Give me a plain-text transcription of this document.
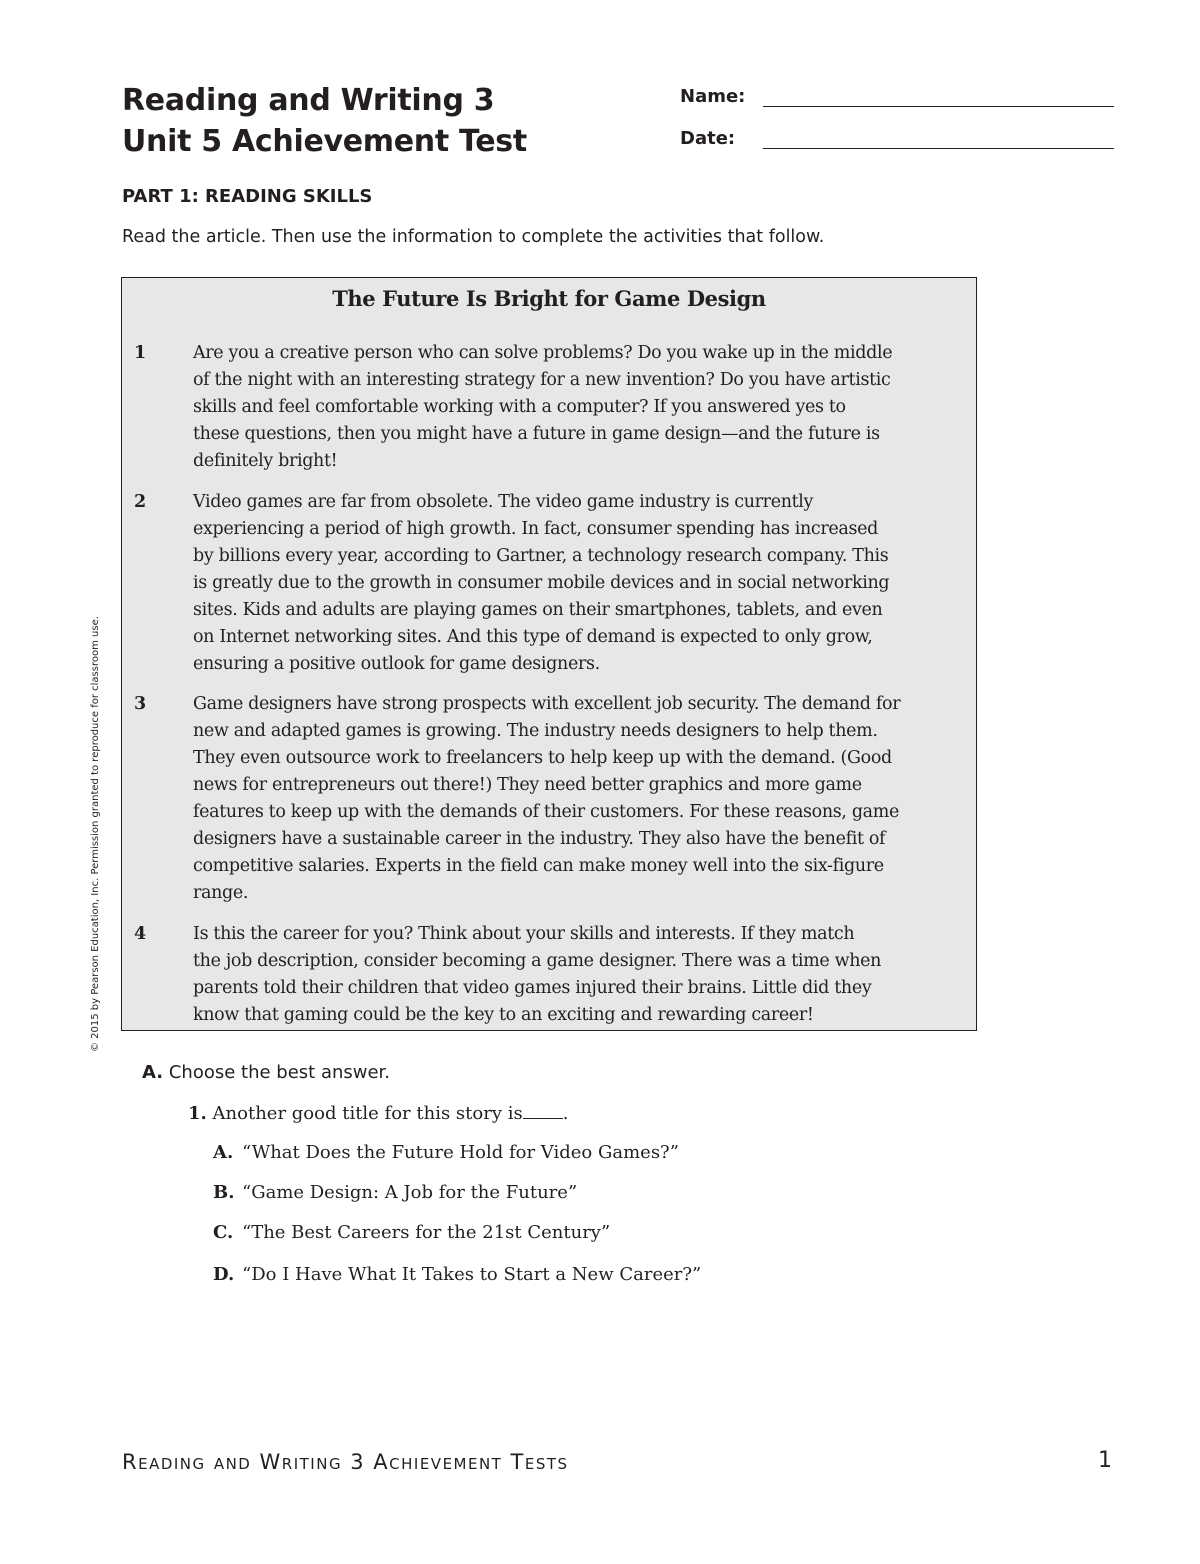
Reading and Writing 3
Unit 5 Achievement Test
Name:
Date:
PART 1: READING SKILLS
Read the article. Then use the information to complete the activities that follow.
The Future Is Bright for Game Design
1	Are you a creative person who can solve problems? Do you wake up in the middle
of the night with an interesting strategy for a new invention? Do you have artistic
skills and feel comfortable working with a computer? If you answered yes to
these questions, then you might have a future in game design—and the future is
definitely bright!
2	Video games are far from obsolete. The video game industry is currently
experiencing a period of high growth. In fact, consumer spending has increased
by billions every year, according to Gartner, a technology research company. This
is greatly due to the growth in consumer mobile devices and in social networking
sites. Kids and adults are playing games on their smartphones, tablets, and even
on Internet networking sites. And this type of demand is expected to only grow,
ensuring a positive outlook for game designers.
3	Game designers have strong prospects with excellent job security. The demand for
new and adapted games is growing. The industry needs designers to help them.
They even outsource work to freelancers to help keep up with the demand. (Good
news for entrepreneurs out there!) They need better graphics and more game
features to keep up with the demands of their customers. For these reasons, game
designers have a sustainable career in the industry. They also have the benefit of
competitive salaries. Experts in the field can make money well into the six-figure
range.
4	Is this the career for you? Think about your skills and interests. If they match
the job description, consider becoming a game designer. There was a time when
parents told their children that video games injured their brains. Little did they
know that gaming could be the key to an exciting and rewarding career!
A. Choose the best answer.
1. Another good title for this story is .
A. “What Does the Future Hold for Video Games?”
B. “Game Design: A Job for the Future”
C. “The Best Careers for the 21st Century”
D. “Do I Have What It Takes to Start a New Career?”
© 2015 by Pearson Education, Inc. Permission granted to reproduce for classroom use.
Reading and Writing 3 Achievement Tests	1
